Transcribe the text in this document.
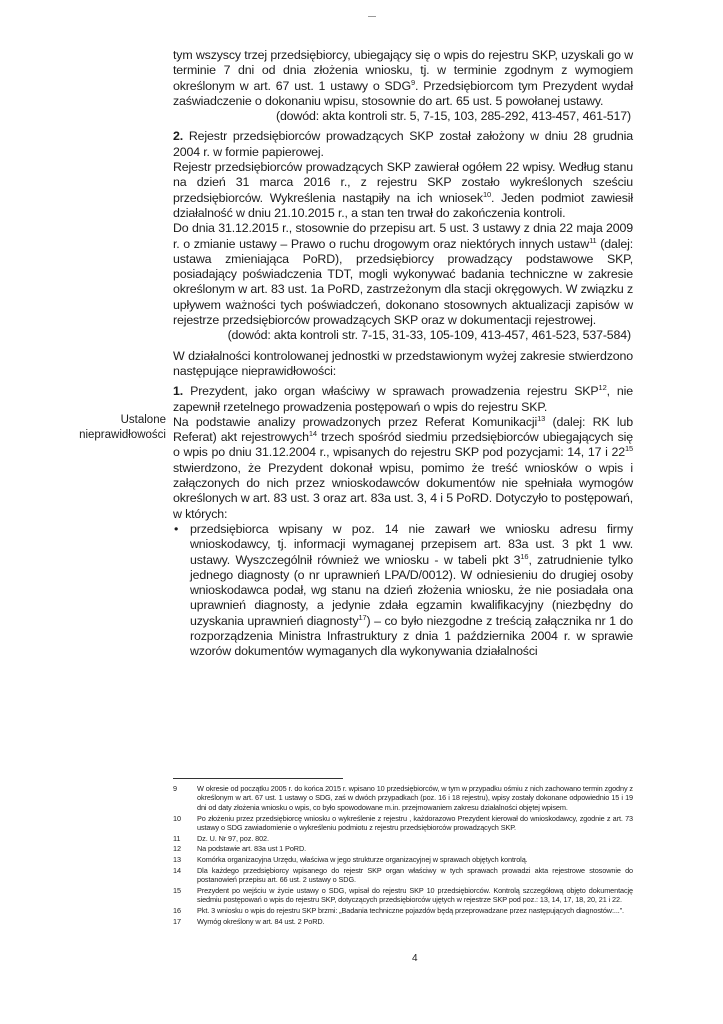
tym wszyscy trzej przedsiębiorcy, ubiegający się o wpis do rejestru SKP, uzyskali go w terminie 7 dni od dnia złożenia wniosku, tj. w terminie zgodnym z wymogiem określonym w art. 67 ust. 1 ustawy o SDG$^9$. Przedsiębiorcom tym Prezydent wydał zaświadczenie o dokonaniu wpisu, stosownie do art. 65 ust. 5 powołanej ustawy.

(dowód: akta kontroli str. 5, 7-15, 103, 285-292, 413-457, 461-517)

2. Rejestr przedsiębiorców prowadzących SKP został założony w dniu 28 grudnia 2004 r. w formie papierowej.

Rejestr przedsiębiorców prowadzących SKP zawierał ogółem 22 wpisy. Według stanu na dzień 31 marca 2016 r., z rejestru SKP zostało wykreślonych sześciu przedsiębiorców. Wykreślenia nastąpiły na ich wniosek$^{10}$. Jeden podmiot zawiesił działalność w dniu 21.10.2015 r., a stan ten trwał do zakończenia kontroli.

Do dnia 31.12.2015 r., stosownie do przepisu art. 5 ust. 3 ustawy z dnia 22 maja 2009 r. o zmianie ustawy – Prawo o ruchu drogowym oraz niektórych innych ustaw$^{11}$ (dalej: ustawa zmieniająca PoRD), przedsiębiorcy prowadzący podstawowe SKP, posiadający poświadczenia TDT, mogli wykonywać badania techniczne w zakresie określonym w art. 83 ust. 1a PoRD, zastrzeżonym dla stacji okręgowych. W związku z upływem ważności tych poświadczeń, dokonano stosownych aktualizacji zapisów w rejestrze przedsiębiorców prowadzących SKP oraz w dokumentacji rejestrowej.

(dowód: akta kontroli str. 7-15, 31-33, 105-109, 413-457, 461-523, 537-584)

W działalności kontrolowanej jednostki w przedstawionym wyżej zakresie stwierdzono następujące nieprawidłowości:

1. Prezydent, jako organ właściwy w sprawach prowadzenia rejestru SKP$^{12}$, nie zapewnił rzetelnego prowadzenia postępowań o wpis do rejestru SKP.

Na podstawie analizy prowadzonych przez Referat Komunikacji$^{13}$ (dalej: RK lub Referat) akt rejestrowych$^{14}$ trzech spośród siedmiu przedsiębiorców ubiegających się o wpis po dniu 31.12.2004 r., wpisanych do rejestru SKP pod pozycjami: 14, 17 i $22^{15}$ stwierdzono, że Prezydent dokonał wpisu, pomimo że treść wniosków o wpis i załączonych do nich przez wnioskodawców dokumentów nie spełniała wymogów określonych w art. 83 ust. 3 oraz art. 83a ust. 3, 4 i 5 PoRD. Dotyczyło to postępowań, w których:

• przedsiębiorca wpisany w poz. 14 nie zawarł we wniosku adresu firmy wnioskodawcy, tj. informacji wymaganej przepisem art. 83a ust. 3 pkt 1 ww. ustawy. Wyszczególnił również we wniosku - w tabeli pkt $3^{16}$, zatrudnienie tylko jednego diagnosty (o nr uprawnień LPA/D/0012). W odniesieniu do drugiej osoby wnioskodawca podał, wg stanu na dzień złożenia wniosku, że nie posiadała ona uprawnień diagnosty, a jedynie zdała egzamin kwalifikacyjny (niezbędny do uzyskania uprawnień diagnosty$^{17}$) – co było niezgodne z treścią załącznika nr 1 do rozporządzenia Ministra Infrastruktury z dnia 1 października 2004 r. w sprawie wzorów dokumentów wymaganych dla wykonywania działalności

Ustalone
nieprawidłowości
9	W okresie od początku 2005 r. do końca 2015 r. wpisano 10 przedsiębiorców, w tym w przypadku ośmiu z nich zachowano termin zgodny z określonym w art. 67 ust. 1 ustawy o SDG, zaś w dwóch przypadkach (poz. 16 i 18 rejestru), wpisy zostały dokonane odpowiednio 15 i 19 dni od daty złożenia wniosku o wpis, co było spowodowane m.in. przejmowaniem zakresu działalności objętej wpisem.
10	Po złożeniu przez przedsiębiorcę wniosku o wykreślenie z rejestru , każdorazowo Prezydent kierował do wnioskodawcy, zgodnie z art. 73 ustawy o SDG zawiadomienie o wykreśleniu podmiotu z rejestru przedsiębiorców prowadzących SKP.
11	Dz. U. Nr 97, poz. 802.
12	Na podstawie art. 83a ust 1 PoRD.
13	Komórka organizacyjna Urzędu, właściwa w jego strukturze organizacyjnej w sprawach objętych kontrolą.
14	Dla każdego przedsiębiorcy wpisanego do rejestr SKP organ właściwy w tych sprawach prowadzi akta rejestrowe stosownie do postanowień przepisu art. 66 ust. 2 ustawy o SDG.
15	Prezydent po wejściu w życie ustawy o SDG, wpisał do rejestru SKP 10 przedsiębiorców. Kontrolą szczegółową objęto dokumentację siedmiu postępowań o wpis do rejestru SKP, dotyczących przedsiębiorców ujętych w rejestrze SKP pod poz.: 13, 14, 17, 18, 20, 21 i 22.
16	Pkt. 3 wniosku o wpis do rejestru SKP brzmi: „Badania techniczne pojazdów będą przeprowadzane przez następujących diagnostów:...”.
17	Wymóg określony w art. 84 ust. 2 PoRD.
4
